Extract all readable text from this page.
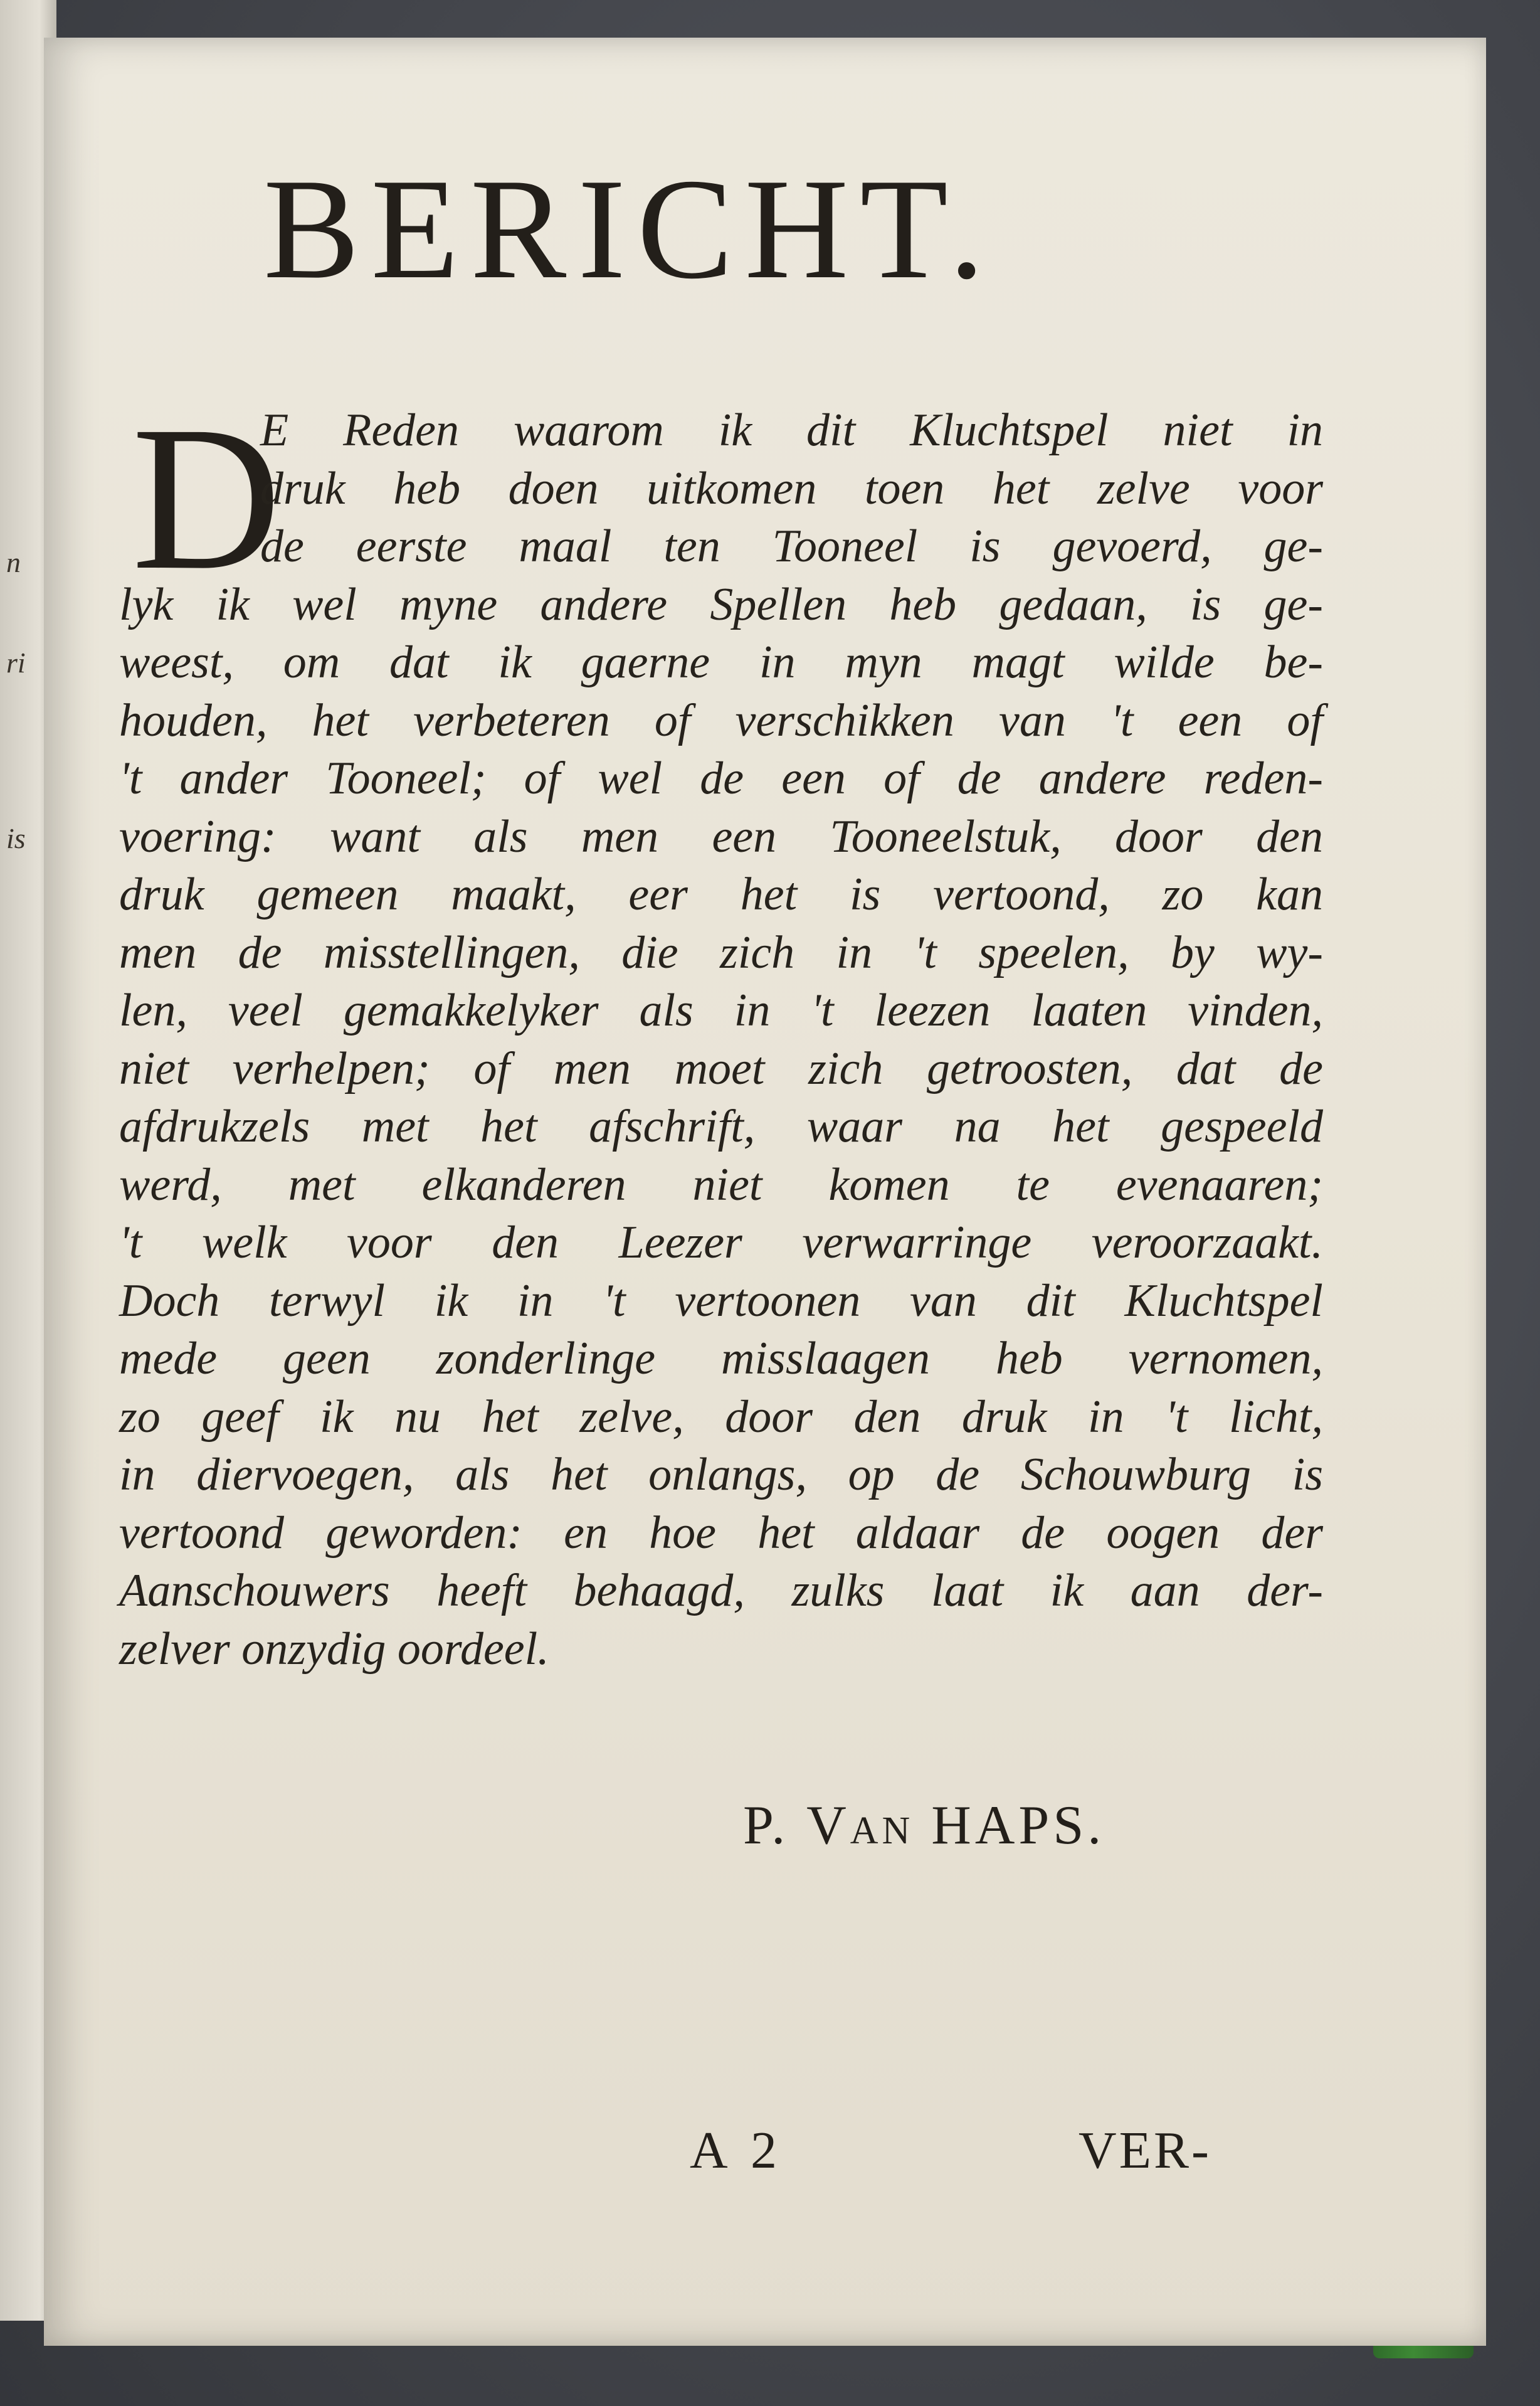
n
ri
is
BERICHT.
D
E Reden waarom ik dit Kluchtspel niet in
druk heb doen uitkomen toen het zelve voor
de eerste maal ten Tooneel is gevoerd, ge-
lyk ik wel myne andere Spellen heb gedaan, is ge-
weest, om dat ik gaerne in myn magt wilde be-
houden, het verbeteren of verschikken van 't een of
't ander Tooneel; of wel de een of de andere reden-
voering: want als men een Tooneelstuk, door den
druk gemeen maakt, eer het is vertoond, zo kan
men de misstellingen, die zich in 't speelen, by wy-
len, veel gemakkelyker als in 't leezen laaten vinden,
niet verhelpen; of men moet zich getroosten, dat de
afdrukzels met het afschrift, waar na het gespeeld
werd, met elkanderen niet komen te evenaaren;
't welk voor den Leezer verwarringe veroorzaakt.
Doch terwyl ik in 't vertoonen van dit Kluchtspel
mede geen zonderlinge misslaagen heb vernomen,
zo geef ik nu het zelve, door den druk in 't licht,
in diervoegen, als het onlangs, op de Schouwburg is
vertoond geworden: en hoe het aldaar de oogen der
Aanschouwers heeft behaagd, zulks laat ik aan der-
zelver onzydig oordeel.
P. Van HAPS.
A 2	VER-
